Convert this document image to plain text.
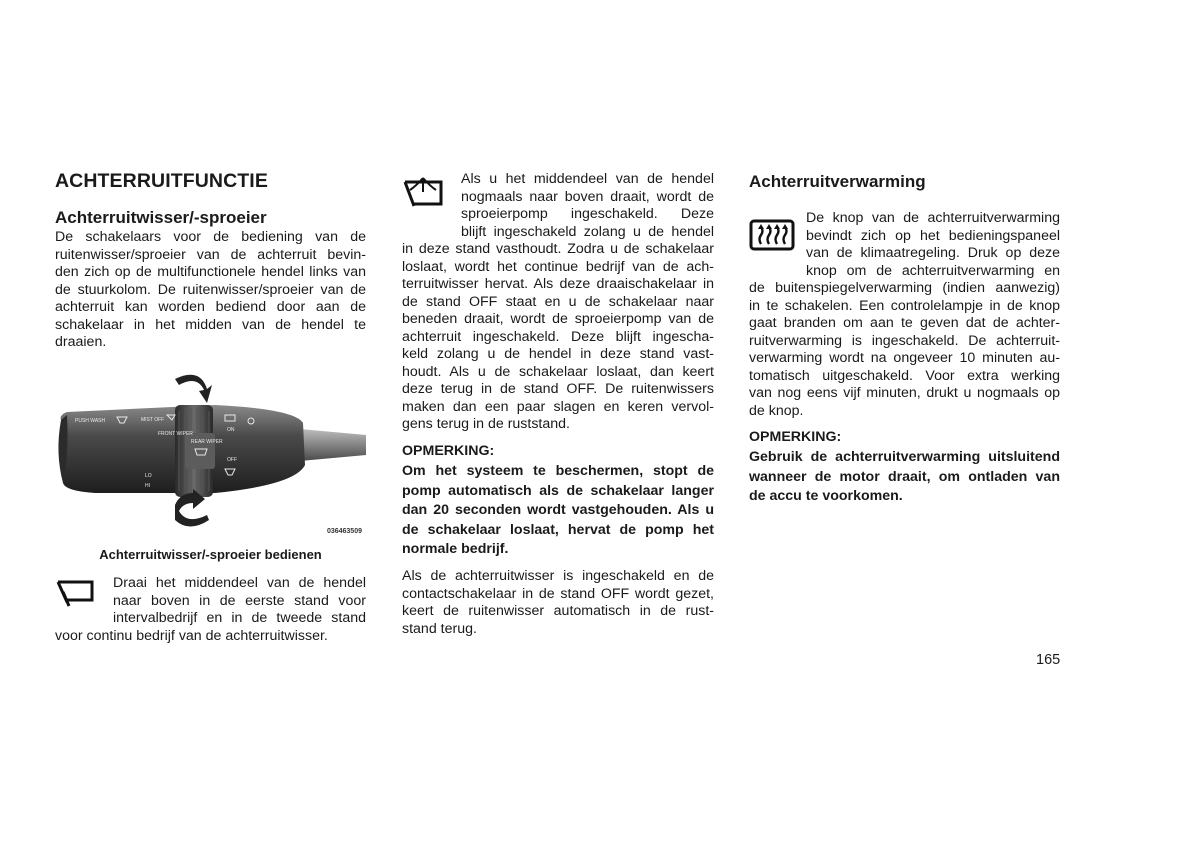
ACHTERRUITFUNCTIE
Achterruitwisser/-sproeier
De schakelaars voor de bediening van de
ruitenwisser/sproeier van de achterruit bevin-
den zich op de multifunctionele hendel links van
de stuurkolom. De ruitenwisser/sproeier van de
achterruit kan worden bediend door aan de
schakelaar in het midden van de hendel te
draaien.
PUSH WASH	MIST OFF
FRONT WIPER
REAR WIPER
ON
OFF
LO
HI
036463509
Achterruitwisser/-sproeier bedienen
Draai het middendeel van de hendel
naar boven in de eerste stand voor
intervalbedrijf en in de tweede stand
voor continu bedrijf van de achterruitwisser.
Als u het middendeel van de hendel
nogmaals naar boven draait, wordt de
sproeierpomp ingeschakeld. Deze
blijft ingeschakeld zolang u de hendel
in deze stand vasthoudt. Zodra u de schakelaar
loslaat, wordt het continue bedrijf van de ach-
terruitwisser hervat. Als deze draaischakelaar in
de stand OFF staat en u de schakelaar naar
beneden draait, wordt de sproeierpomp van de
achterruit ingeschakeld. Deze blijft ingescha-
keld zolang u de hendel in deze stand vast-
houdt. Als u de schakelaar loslaat, dan keert
deze terug in de stand OFF. De ruitenwissers
maken dan een paar slagen en keren vervol-
gens terug in de ruststand.
OPMERKING:
Om het systeem te beschermen, stopt de
pomp automatisch als de schakelaar langer
dan 20 seconden wordt vastgehouden. Als u
de schakelaar loslaat, hervat de pomp het
normale bedrijf.
Als de achterruitwisser is ingeschakeld en de
contactschakelaar in de stand OFF wordt gezet,
keert de ruitenwisser automatisch in de rust-
stand terug.
Achterruitverwarming
De knop van de achterruitverwarming
bevindt zich op het bedieningspaneel
van de klimaatregeling. Druk op deze
knop om de achterruitverwarming en
de buitenspiegelverwarming (indien aanwezig)
in te schakelen. Een controlelampje in de knop
gaat branden om aan te geven dat de achter-
ruitverwarming is ingeschakeld. De achterruit-
verwarming wordt na ongeveer 10 minuten au-
tomatisch uitgeschakeld. Voor extra werking
van nog eens vijf minuten, drukt u nogmaals op
de knop.
OPMERKING:
Gebruik de achterruitverwarming uitsluitend
wanneer de motor draait, om ontladen van
de accu te voorkomen.
165
